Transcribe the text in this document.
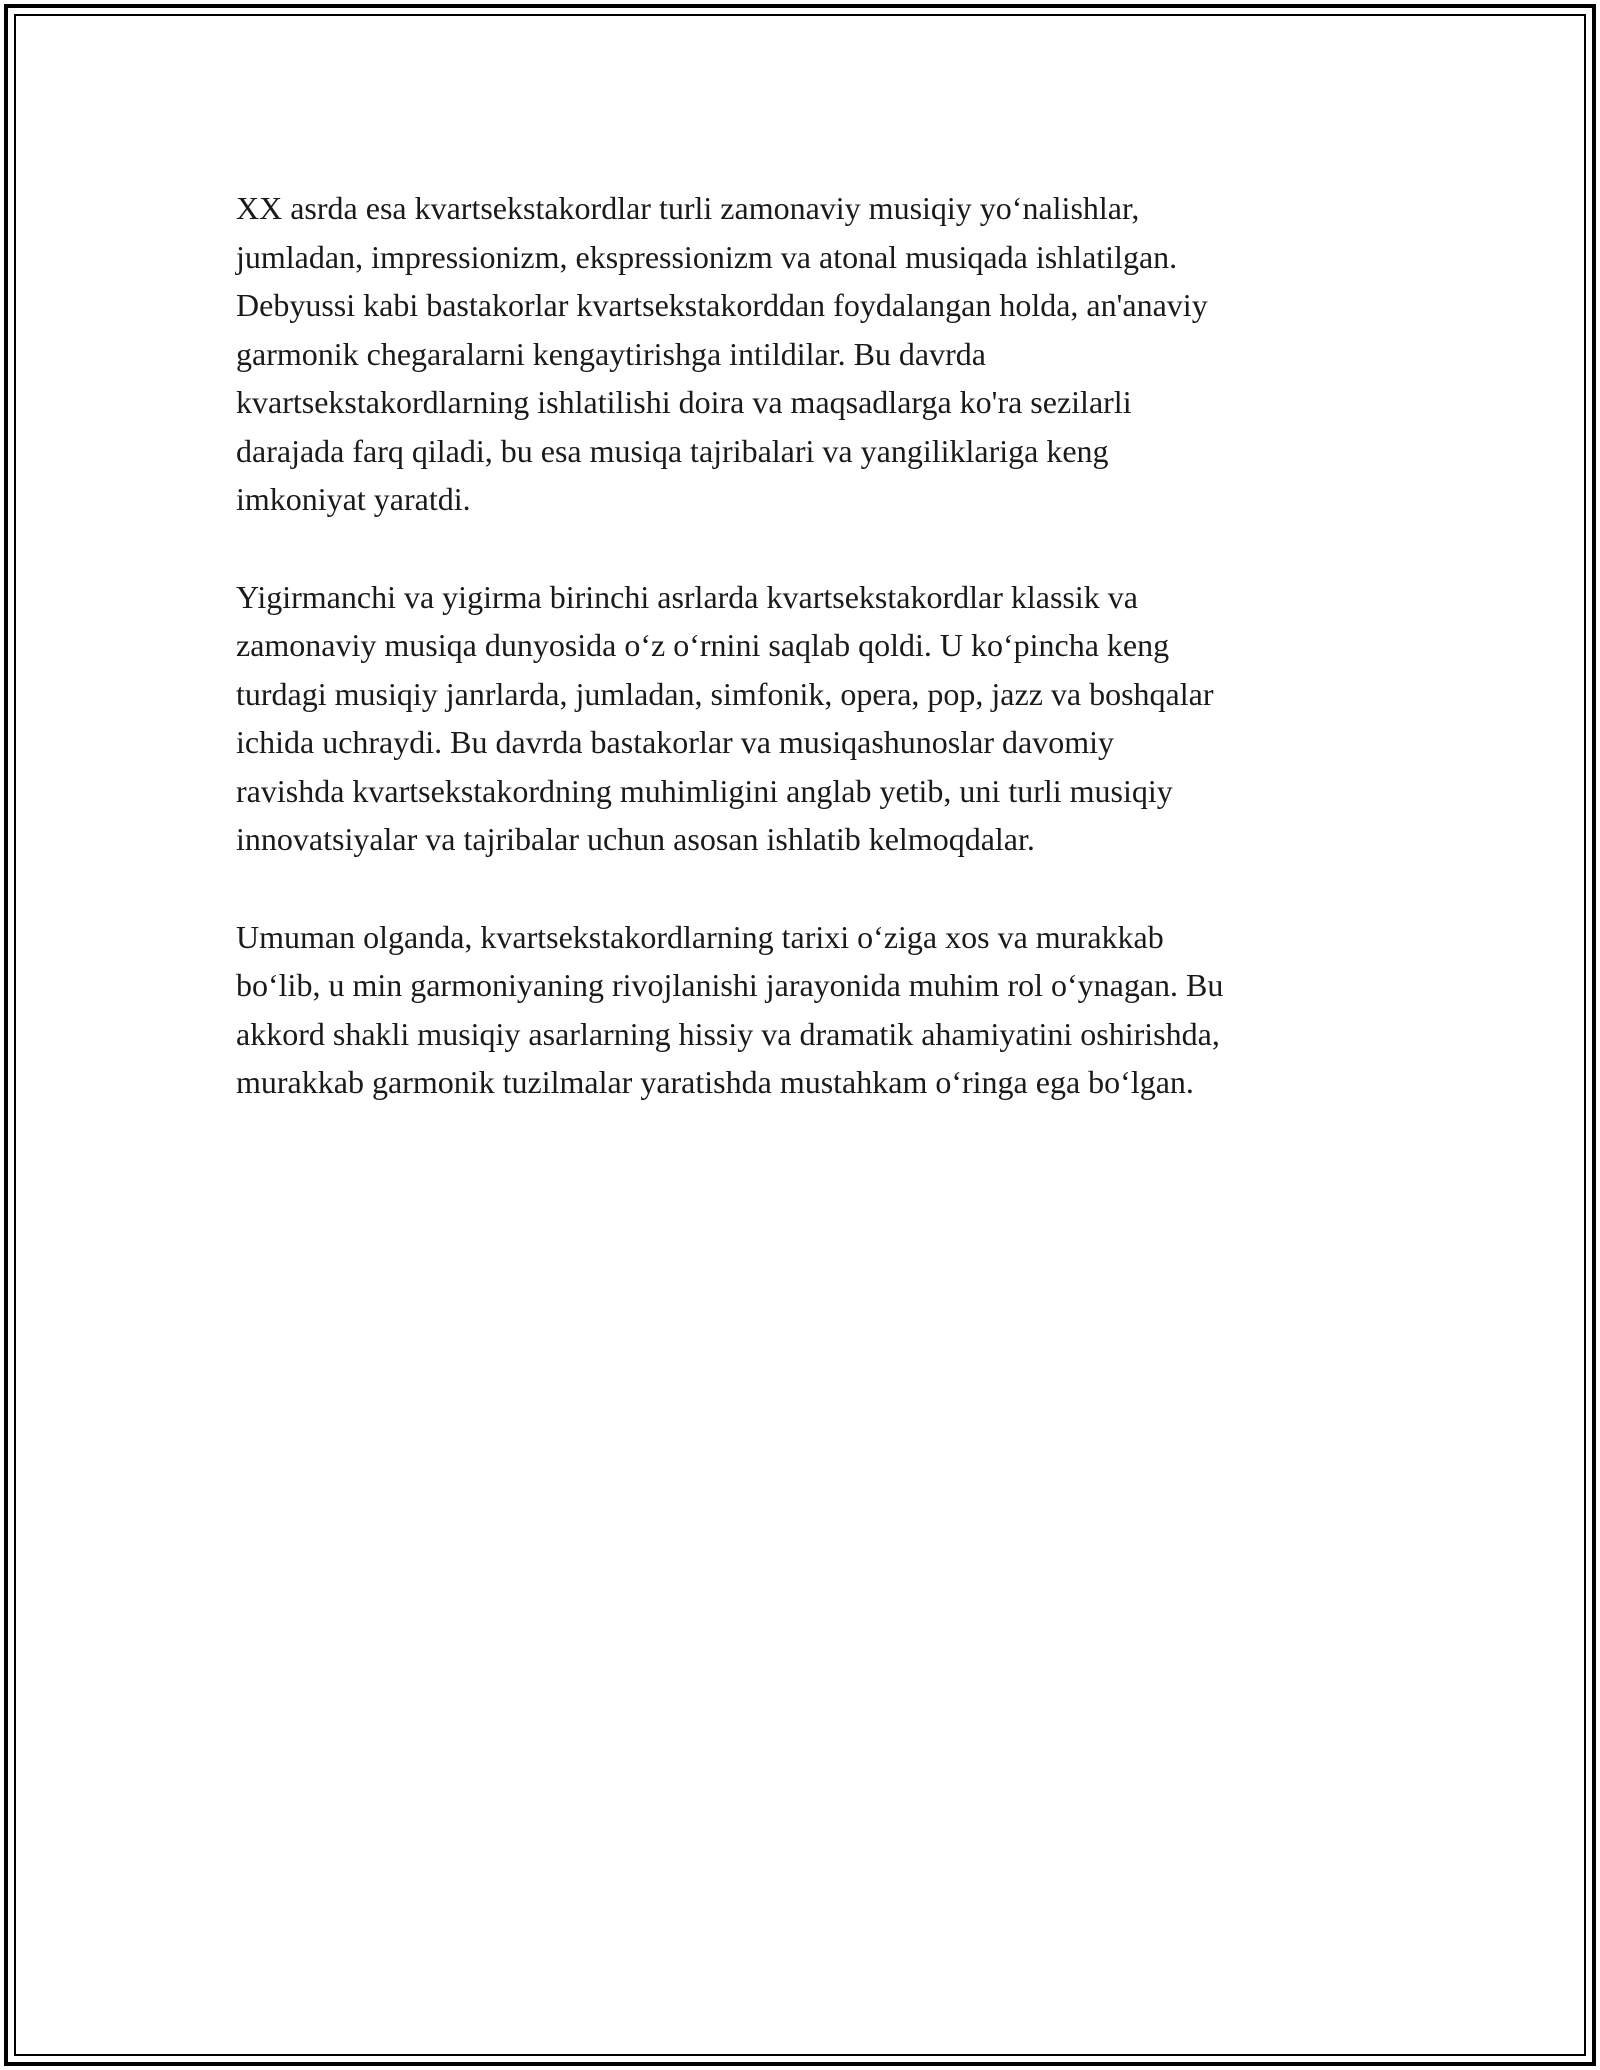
XX asrda esa kvartsekstakordlar turli zamonaviy musiqiy yo‘nalishlar,
jumladan, impressionizm, ekspressionizm va atonal musiqada ishlatilgan.
Debyussi kabi bastakorlar kvartsekstakorddan foydalangan holda, an'anaviy
garmonik chegaralarni kengaytirishga intildilar. Bu davrda
kvartsekstakordlarning ishlatilishi doira va maqsadlarga ko'ra sezilarli
darajada farq qiladi, bu esa musiqa tajribalari va yangiliklariga keng
imkoniyat yaratdi.

Yigirmanchi va yigirma birinchi asrlarda kvartsekstakordlar klassik va
zamonaviy musiqa dunyosida o‘z o‘rnini saqlab qoldi. U ko‘pincha keng
turdagi musiqiy janrlarda, jumladan, simfonik, opera, pop, jazz va boshqalar
ichida uchraydi. Bu davrda bastakorlar va musiqashunoslar davomiy
ravishda kvartsekstakordning muhimligini anglab yetib, uni turli musiqiy
innovatsiyalar va tajribalar uchun asosan ishlatib kelmoqdalar.

Umuman olganda, kvartsekstakordlarning tarixi o‘ziga xos va murakkab
bo‘lib, u min garmoniyaning rivojlanishi jarayonida muhim rol o‘ynagan. Bu
akkord shakli musiqiy asarlarning hissiy va dramatik ahamiyatini oshirishda,
murakkab garmonik tuzilmalar yaratishda mustahkam o‘ringa ega bo‘lgan.
